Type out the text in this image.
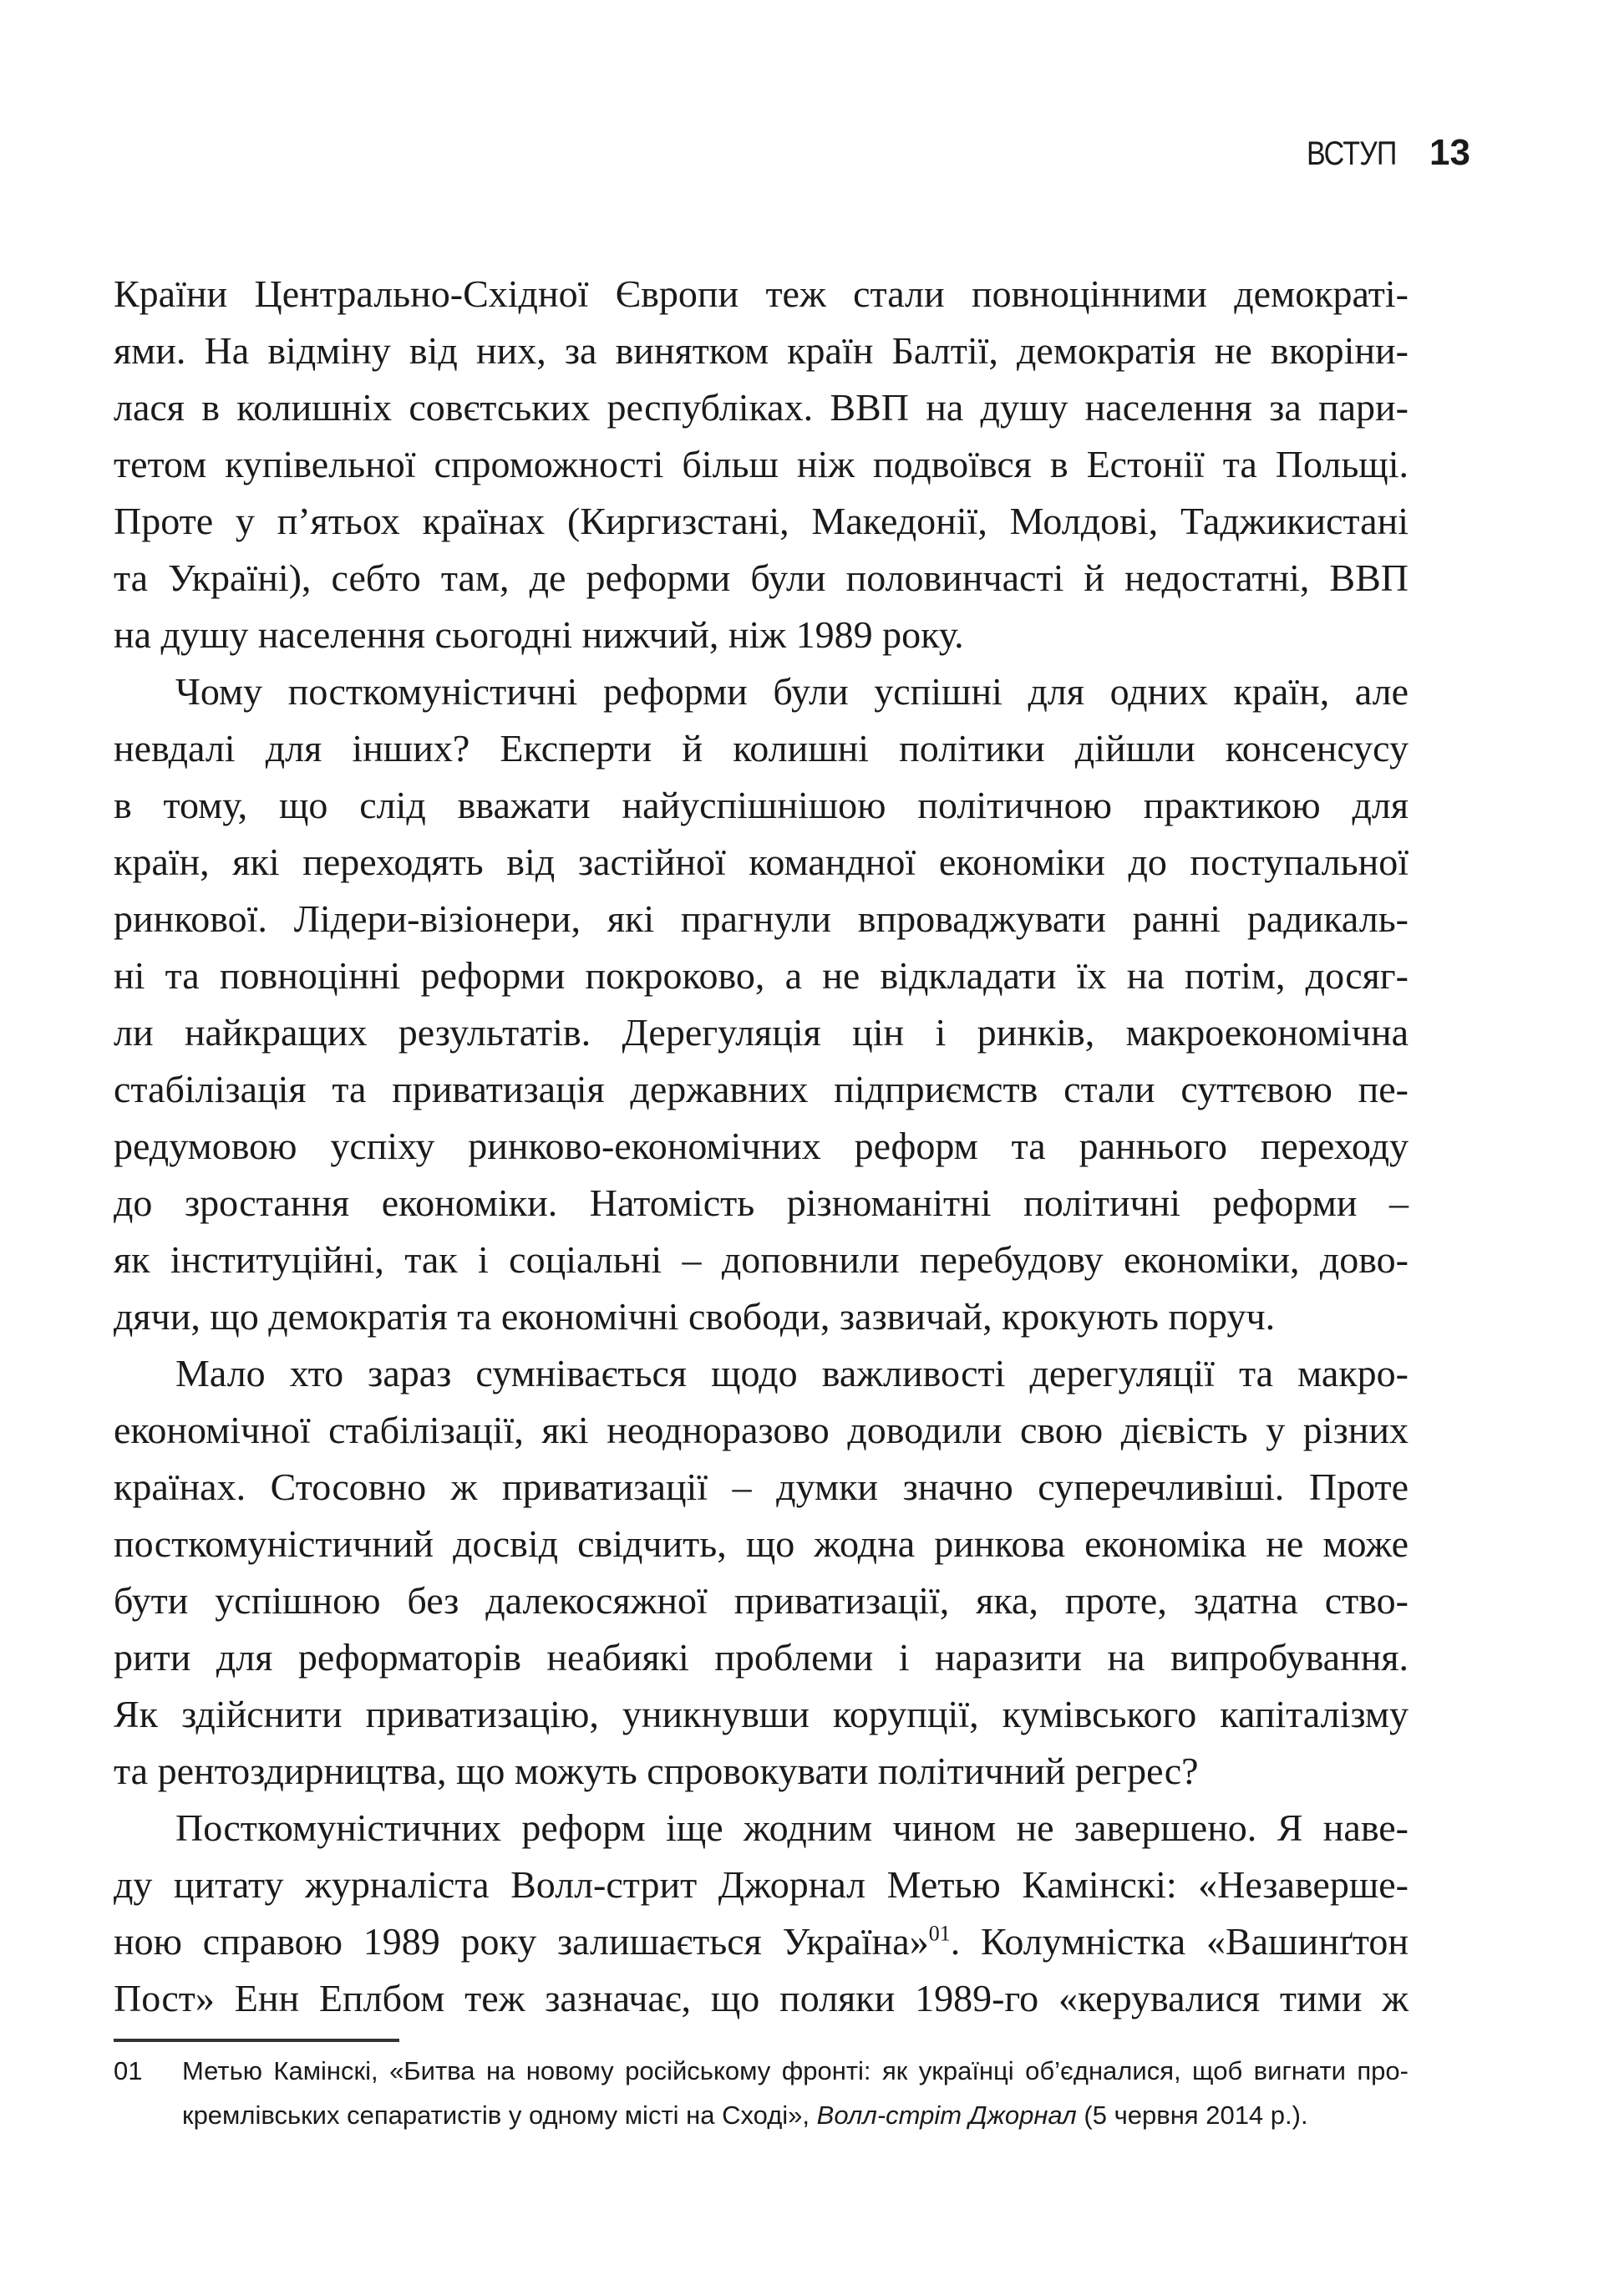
ВСТУП 13
Країни Центрально-Східної Європи теж стали повноцінними демократі-
ями. На відміну від них, за винятком країн Балтії, демократія не вкоріни-
лася в колишніх совєтських республіках. ВВП на душу населення за пари-
тетом купівельної спроможності більш ніж подвоївся в Естонії та Польщі.
Проте у п’ятьох країнах (Киргизстані, Македонії, Молдові, Таджикистані
та Україні), себто там, де реформи були половинчасті й недостатні, ВВП
на душу населення сьогодні нижчий, ніж 1989 року.
Чому посткомуністичні реформи були успішні для одних країн, але
невдалі для інших? Експерти й колишні політики дійшли консенсусу
в тому, що слід вважати найуспішнішою політичною практикою для
країн, які переходять від застійної командної економіки до поступальної
ринкової. Лідери-візіонери, які прагнули впроваджувати ранні радикаль-
ні та повноцінні реформи покроково, а не відкладати їх на потім, досяг-
ли найкращих результатів. Дерегуляція цін і ринків, макроекономічна
стабілізація та приватизація державних підприємств стали суттєвою пе-
редумовою успіху ринково-економічних реформ та раннього переходу
до зростання економіки. Натомість різноманітні політичні реформи –
як інституційні, так і соціальні – доповнили перебудову економіки, дово-
дячи, що демократія та економічні свободи, зазвичай, крокують поруч.
Мало хто зараз сумнівається щодо важливості дерегуляції та макро-
економічної стабілізації, які неодноразово доводили свою дієвість у різних
країнах. Стосовно ж приватизації – думки значно суперечливіші. Проте
посткомуністичний досвід свідчить, що жодна ринкова економіка не може
бути успішною без далекосяжної приватизації, яка, проте, здатна ство-
рити для реформаторів неабиякі проблеми і наразити на випробування.
Як здійснити приватизацію, уникнувши корупції, кумівського капіталізму
та рентоздирництва, що можуть спровокувати політичний регрес?
Посткомуністичних реформ іще жодним чином не завершено. Я наве-
ду цитату журналіста Волл-стрит Джорнал Метью Камінскі: «Незаверше-
ною справою 1989 року залишається Україна»$^{01}$. Колумністка «Вашинґтон
Пост» Енн Еплбом теж зазначає, що поляки 1989-го «керувалися тими ж
01	Метью Камінскі, «Битва на новому російському фронті: як українці об’єдналися, щоб вигнати про-
кремлівських сепаратистів у одному місті на Сході», Волл-стріт Джорнал (5 червня 2014 р.).
